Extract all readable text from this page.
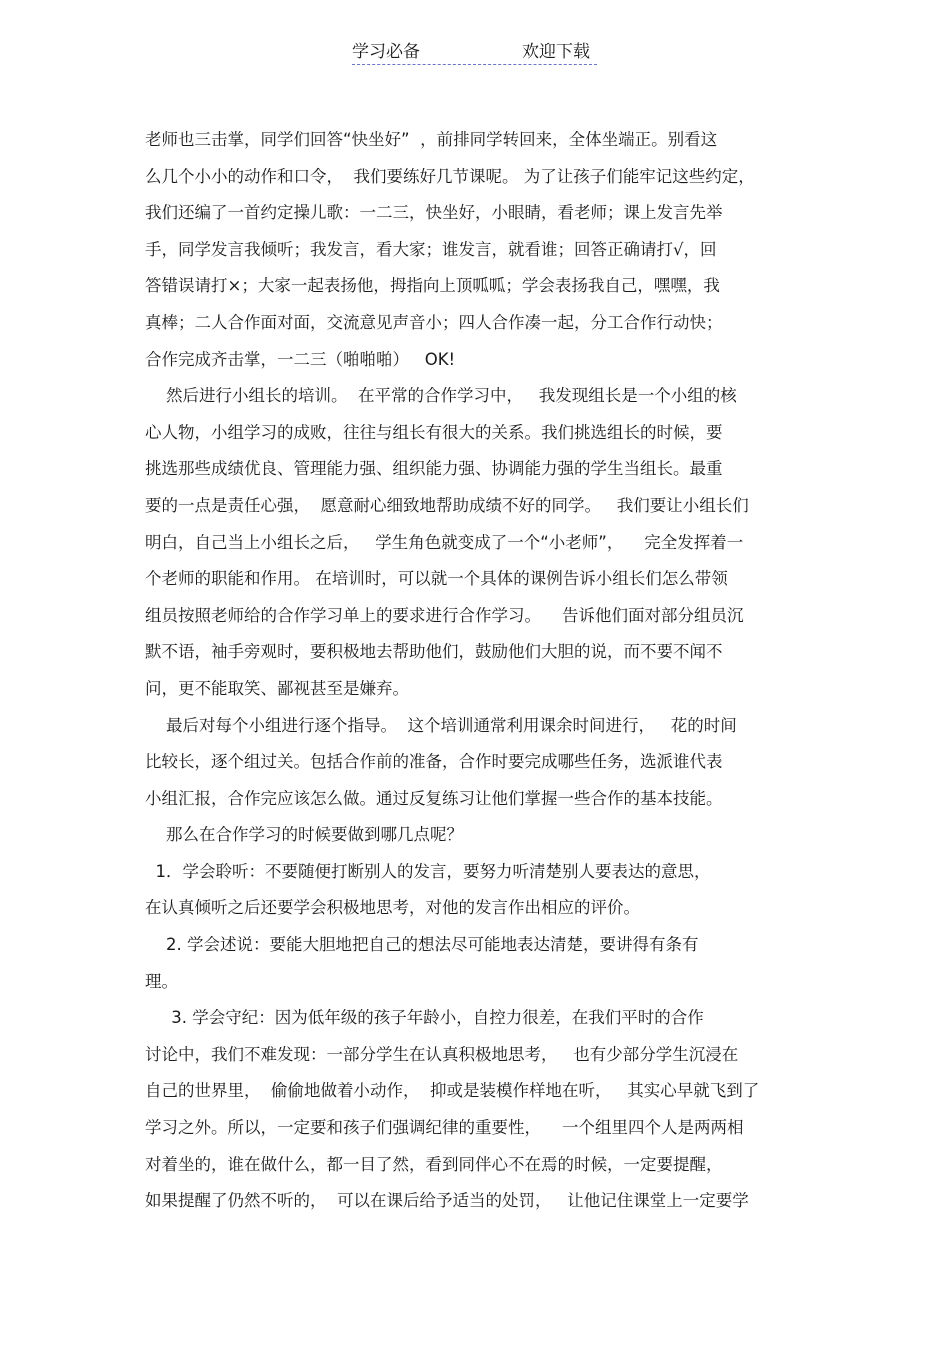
学习必备	欢迎下载
老师也三击掌，同学们回答“快坐好”  ，前排同学转回来，全体坐端正。别看这
么几个小小的动作和口令，  我们要练好几节课呢。 为了让孩子们能牢记这些约定，
我们还编了一首约定操儿歌：一二三，快坐好，小眼睛，看老师；课上发言先举
手，同学发言我倾听；我发言，看大家；谁发言，就看谁；回答正确请打√，回
答错误请打×；大家一起表扬他，拇指向上顶呱呱；学会表扬我自己，嘿嘿，我
真棒；二人合作面对面，交流意见声音小；四人合作凑一起，分工合作行动快；
合作完成齐击掌，一二三（啪啪啪）   OK!
然后进行小组长的培训。  在平常的合作学习中，   我发现组长是一个小组的核
心人物，小组学习的成败，往往与组长有很大的关系。我们挑选组长的时候，要
挑选那些成绩优良、管理能力强、组织能力强、协调能力强的学生当组长。最重
要的一点是责任心强，  愿意耐心细致地帮助成绩不好的同学。   我们要让小组长们
明白，自己当上小组长之后，   学生角色就变成了一个“小老师”，    完全发挥着一
个老师的职能和作用。 在培训时，可以就一个具体的课例告诉小组长们怎么带领
组员按照老师给的合作学习单上的要求进行合作学习。    告诉他们面对部分组员沉
默不语，袖手旁观时，要积极地去帮助他们，鼓励他们大胆的说，而不要不闻不
问，更不能取笑、鄙视甚至是嫌弃。
最后对每个小组进行逐个指导。  这个培训通常利用课余时间进行，   花的时间
比较长，逐个组过关。包括合作前的准备，合作时要完成哪些任务，选派谁代表
小组汇报，合作完应该怎么做。通过反复练习让他们掌握一些合作的基本技能。
那么在合作学习的时候要做到哪几点呢？
1．学会聆听：不要随便打断别人的发言，要努力听清楚别人要表达的意思，
在认真倾听之后还要学会积极地思考，对他的发言作出相应的评价。
2. 学会述说：要能大胆地把自己的想法尽可能地表达清楚，要讲得有条有
理。
3. 学会守纪：因为低年级的孩子年龄小，自控力很差，在我们平时的合作
讨论中，我们不难发现：一部分学生在认真积极地思考，   也有少部分学生沉浸在
自己的世界里，  偷偷地做着小动作，  抑或是装模作样地在听，   其实心早就飞到了
学习之外。所以，一定要和孩子们强调纪律的重要性，    一个组里四个人是两两相
对着坐的，谁在做什么，都一目了然，看到同伴心不在焉的时候，一定要提醒，
如果提醒了仍然不听的，  可以在课后给予适当的处罚，   让他记住课堂上一定要学
